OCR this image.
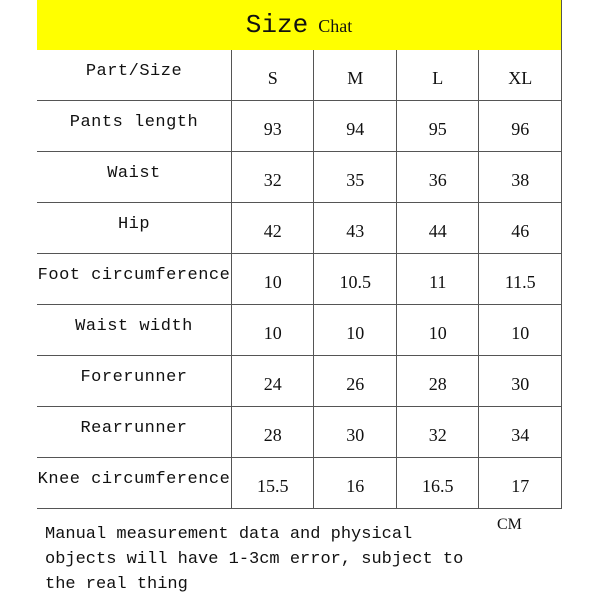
Size Chat
Part/Size	S	M	L	XL
Pants length	93	94	95	96
Waist	32	35	36	38
Hip	42	43	44	46
Foot circumference	10	10.5	11	11.5
Waist width	10	10	10	10
Forerunner	24	26	28	30
Rearrunner	28	30	32	34
Knee circumference	15.5	16	16.5	17
CM
Manual measurement data and physical objects will have 1-3cm error, subject to the real thing
